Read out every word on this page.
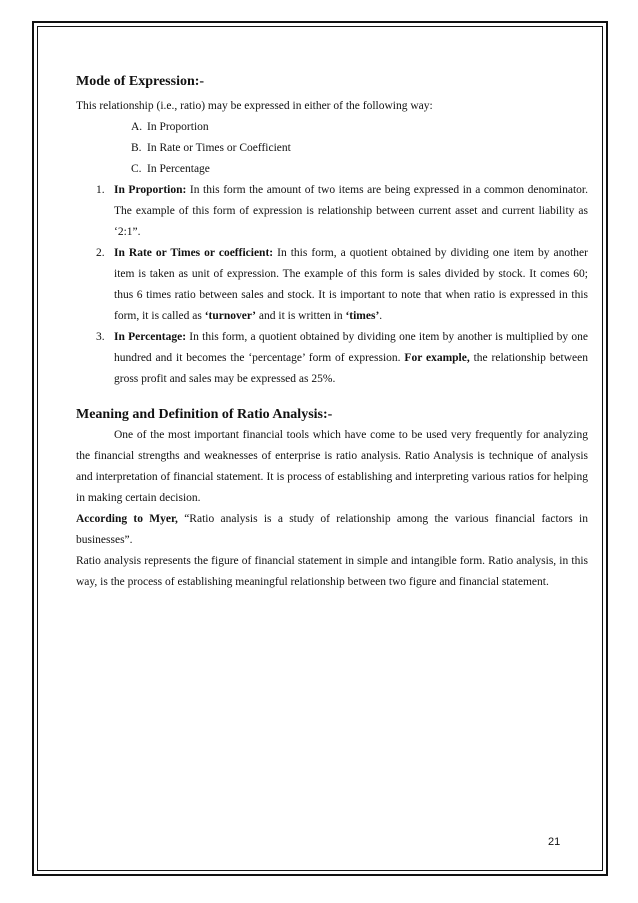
Mode of Expression:-

This relationship (i.e., ratio) may be expressed in either of the following way:

A. In Proportion
B. In Rate or Times or Coefficient
C. In Percentage
1. In Proportion: In this form the amount of two items are being expressed in a common denominator. The example of this form of expression is relationship between current asset and current liability as ‘2:1”.
2. In Rate or Times or coefficient: In this form, a quotient obtained by dividing one item by another item is taken as unit of expression. The example of this form is sales divided by stock. It comes 60; thus 6 times ratio between sales and stock. It is important to note that when ratio is expressed in this form, it is called as ‘turnover’ and it is written in ‘times’.
3. In Percentage: In this form, a quotient obtained by dividing one item by another is multiplied by one hundred and it becomes the ‘percentage’ form of expression. For example, the relationship between gross profit and sales may be expressed as 25%.
Meaning and Definition of Ratio Analysis:-

One of the most important financial tools which have come to be used very frequently for analyzing the financial strengths and weaknesses of enterprise is ratio analysis. Ratio Analysis is technique of analysis and interpretation of financial statement. It is process of establishing and interpreting various ratios for helping in making certain decision.

According to Myer, “Ratio analysis is a study of relationship among the various financial factors in businesses”.

Ratio analysis represents the figure of financial statement in simple and intangible form. Ratio analysis, in this way, is the process of establishing meaningful relationship between two figure and financial statement.

21
